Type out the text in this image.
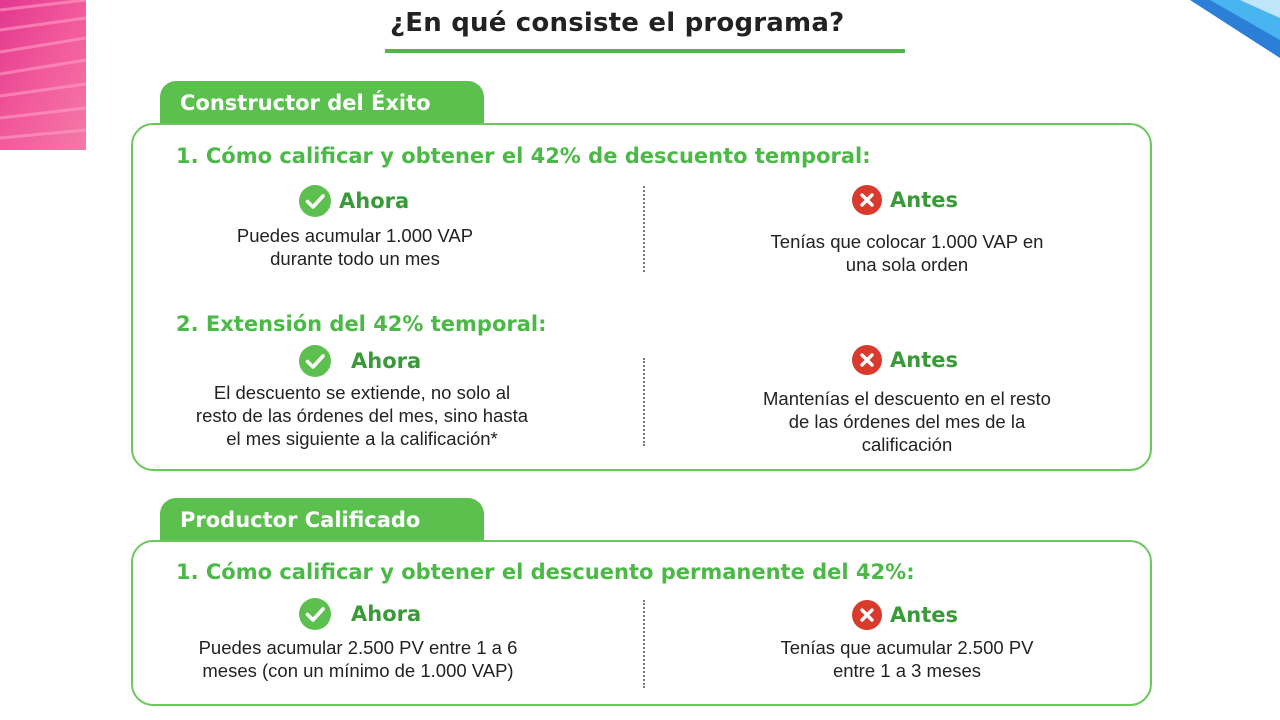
¿En qué consiste el programa?
Constructor del Éxito
1. Cómo calificar y obtener el 42% de descuento temporal:
Ahora
Puedes acumular 1.000 VAP
durante todo un mes
Antes
Tenías que colocar 1.000 VAP en
una sola orden
2. Extensión del 42% temporal:
Ahora
El descuento se extiende, no solo al
resto de las órdenes del mes, sino hasta
el mes siguiente a la calificación*
Antes
Mantenías el descuento en el resto
de las órdenes del mes de la
calificación
Productor Calificado
1. Cómo calificar y obtener el descuento permanente del 42%:
Ahora
Puedes acumular 2.500 PV entre 1 a 6
meses (con un mínimo de 1.000 VAP)
Antes
Tenías que acumular 2.500 PV
entre 1 a 3 meses
